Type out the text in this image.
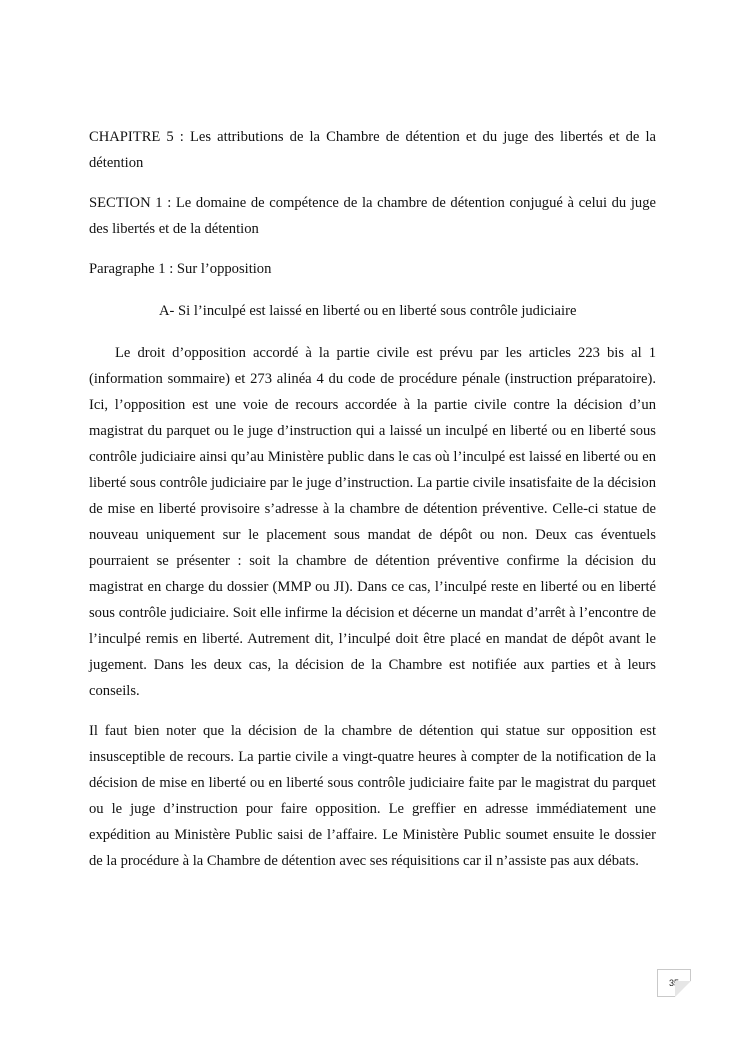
CHAPITRE 5 : Les attributions de la Chambre de détention et du juge des libertés et de la détention

SECTION 1 : Le domaine de compétence de la chambre de détention conjugué à celui du juge des libertés et de la détention

Paragraphe 1 : Sur l’opposition

A- Si l’inculpé est laissé en liberté ou en liberté sous contrôle judiciaire

Le droit d’opposition accordé à la partie civile est prévu par les articles 223 bis al 1 (information sommaire) et 273 alinéa 4 du code de procédure pénale (instruction préparatoire). Ici, l’opposition est une voie de recours accordée à la partie civile contre la décision d’un magistrat du parquet ou le juge d’instruction qui a laissé un inculpé en liberté ou en liberté sous contrôle judiciaire ainsi qu’au Ministère public dans le cas où l’inculpé est laissé en liberté ou en liberté sous contrôle judiciaire par le juge d’instruction. La partie civile insatisfaite de la décision de mise en liberté provisoire s’adresse à la chambre de détention préventive. Celle-ci statue de nouveau uniquement sur le placement sous mandat de dépôt ou non. Deux cas éventuels pourraient se présenter : soit la chambre de détention préventive confirme la décision du magistrat en charge du dossier (MMP ou JI). Dans ce cas, l’inculpé reste en liberté ou en liberté sous contrôle judiciaire. Soit elle infirme la décision et décerne un mandat d’arrêt à l’encontre de l’inculpé remis en liberté. Autrement dit, l’inculpé doit être placé en mandat de dépôt avant le jugement. Dans les deux cas, la décision de la Chambre est notifiée aux parties et à leurs conseils.

Il faut bien noter que la décision de la chambre de détention qui statue sur opposition est insusceptible de recours. La partie civile a vingt-quatre heures à compter de la notification de la décision de mise en liberté ou en liberté sous contrôle judiciaire faite par le magistrat du parquet ou le juge d’instruction pour faire opposition. Le greffier en adresse immédiatement une expédition au Ministère Public saisi de l’affaire. Le Ministère Public soumet ensuite le dossier de la procédure à la Chambre de détention avec ses réquisitions car il n’assiste pas aux débats.

35
